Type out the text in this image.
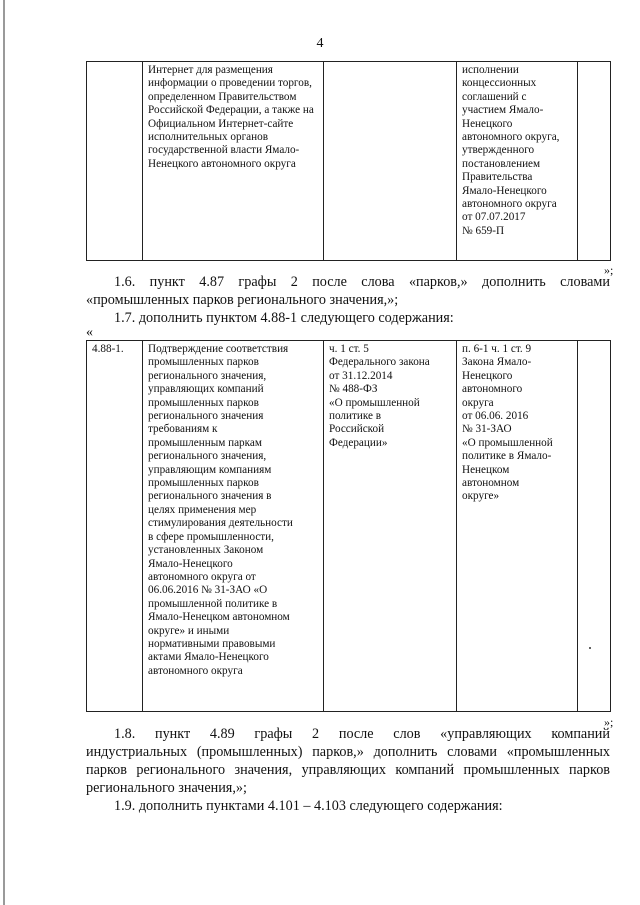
4
	Интернет для размещения информации о проведении торгов, определенном Правительством Российской Федерации, а также на Официальном Интернет-сайте исполнительных органов государственной власти Ямало-Ненецкого автономного округа		исполнении
концессионных
соглашений с
участием Ямало-
Ненецкого
автономного округа,
утвержденного
постановлением
Правительства
Ямало-Ненецкого
автономного округа
от 07.07.2017
№ 659-П	
»;

1.6. пункт 4.87 графы 2 после слова «парков,» дополнить словами

«промышленных парков регионального значения,»;

1.7. дополнить пунктом 4.88-1 следующего содержания:

«
4.88-1.	Подтверждение соответствия
промышленных парков
регионального значения,
управляющих компаний
промышленных парков
регионального значения
требованиям к
промышленным паркам
регионального значения,
управляющим компаниям
промышленных парков
регионального значения в
целях применения мер
стимулирования деятельности
в сфере промышленности,
установленных Законом
Ямало-Ненецкого
автономного округа от
06.06.2016 № 31-ЗАО «О
промышленной политике в
Ямало-Ненецком автономном
округе» и иными
нормативными правовыми
актами Ямало-Ненецкого
автономного округа	ч. 1 ст. 5
Федерального закона
от 31.12.2014
№ 488-ФЗ
«О промышленной
политике в
Российской
Федерации»	п. 6-1 ч. 1 ст. 9
Закона Ямало-
Ненецкого
автономного
округа
от 06.06. 2016
№ 31-ЗАО
«О промышленной
политике в Ямало-
Ненецком
автономном
округе»	
»;

1.8. пункт 4.89 графы 2 после слов «управляющих компаний

индустриальных (промышленных) парков,» дополнить словами «промышленных

парков регионального значения, управляющих компаний промышленных парков

регионального значения,»;

1.9. дополнить пунктами 4.101 – 4.103 следующего содержания:
